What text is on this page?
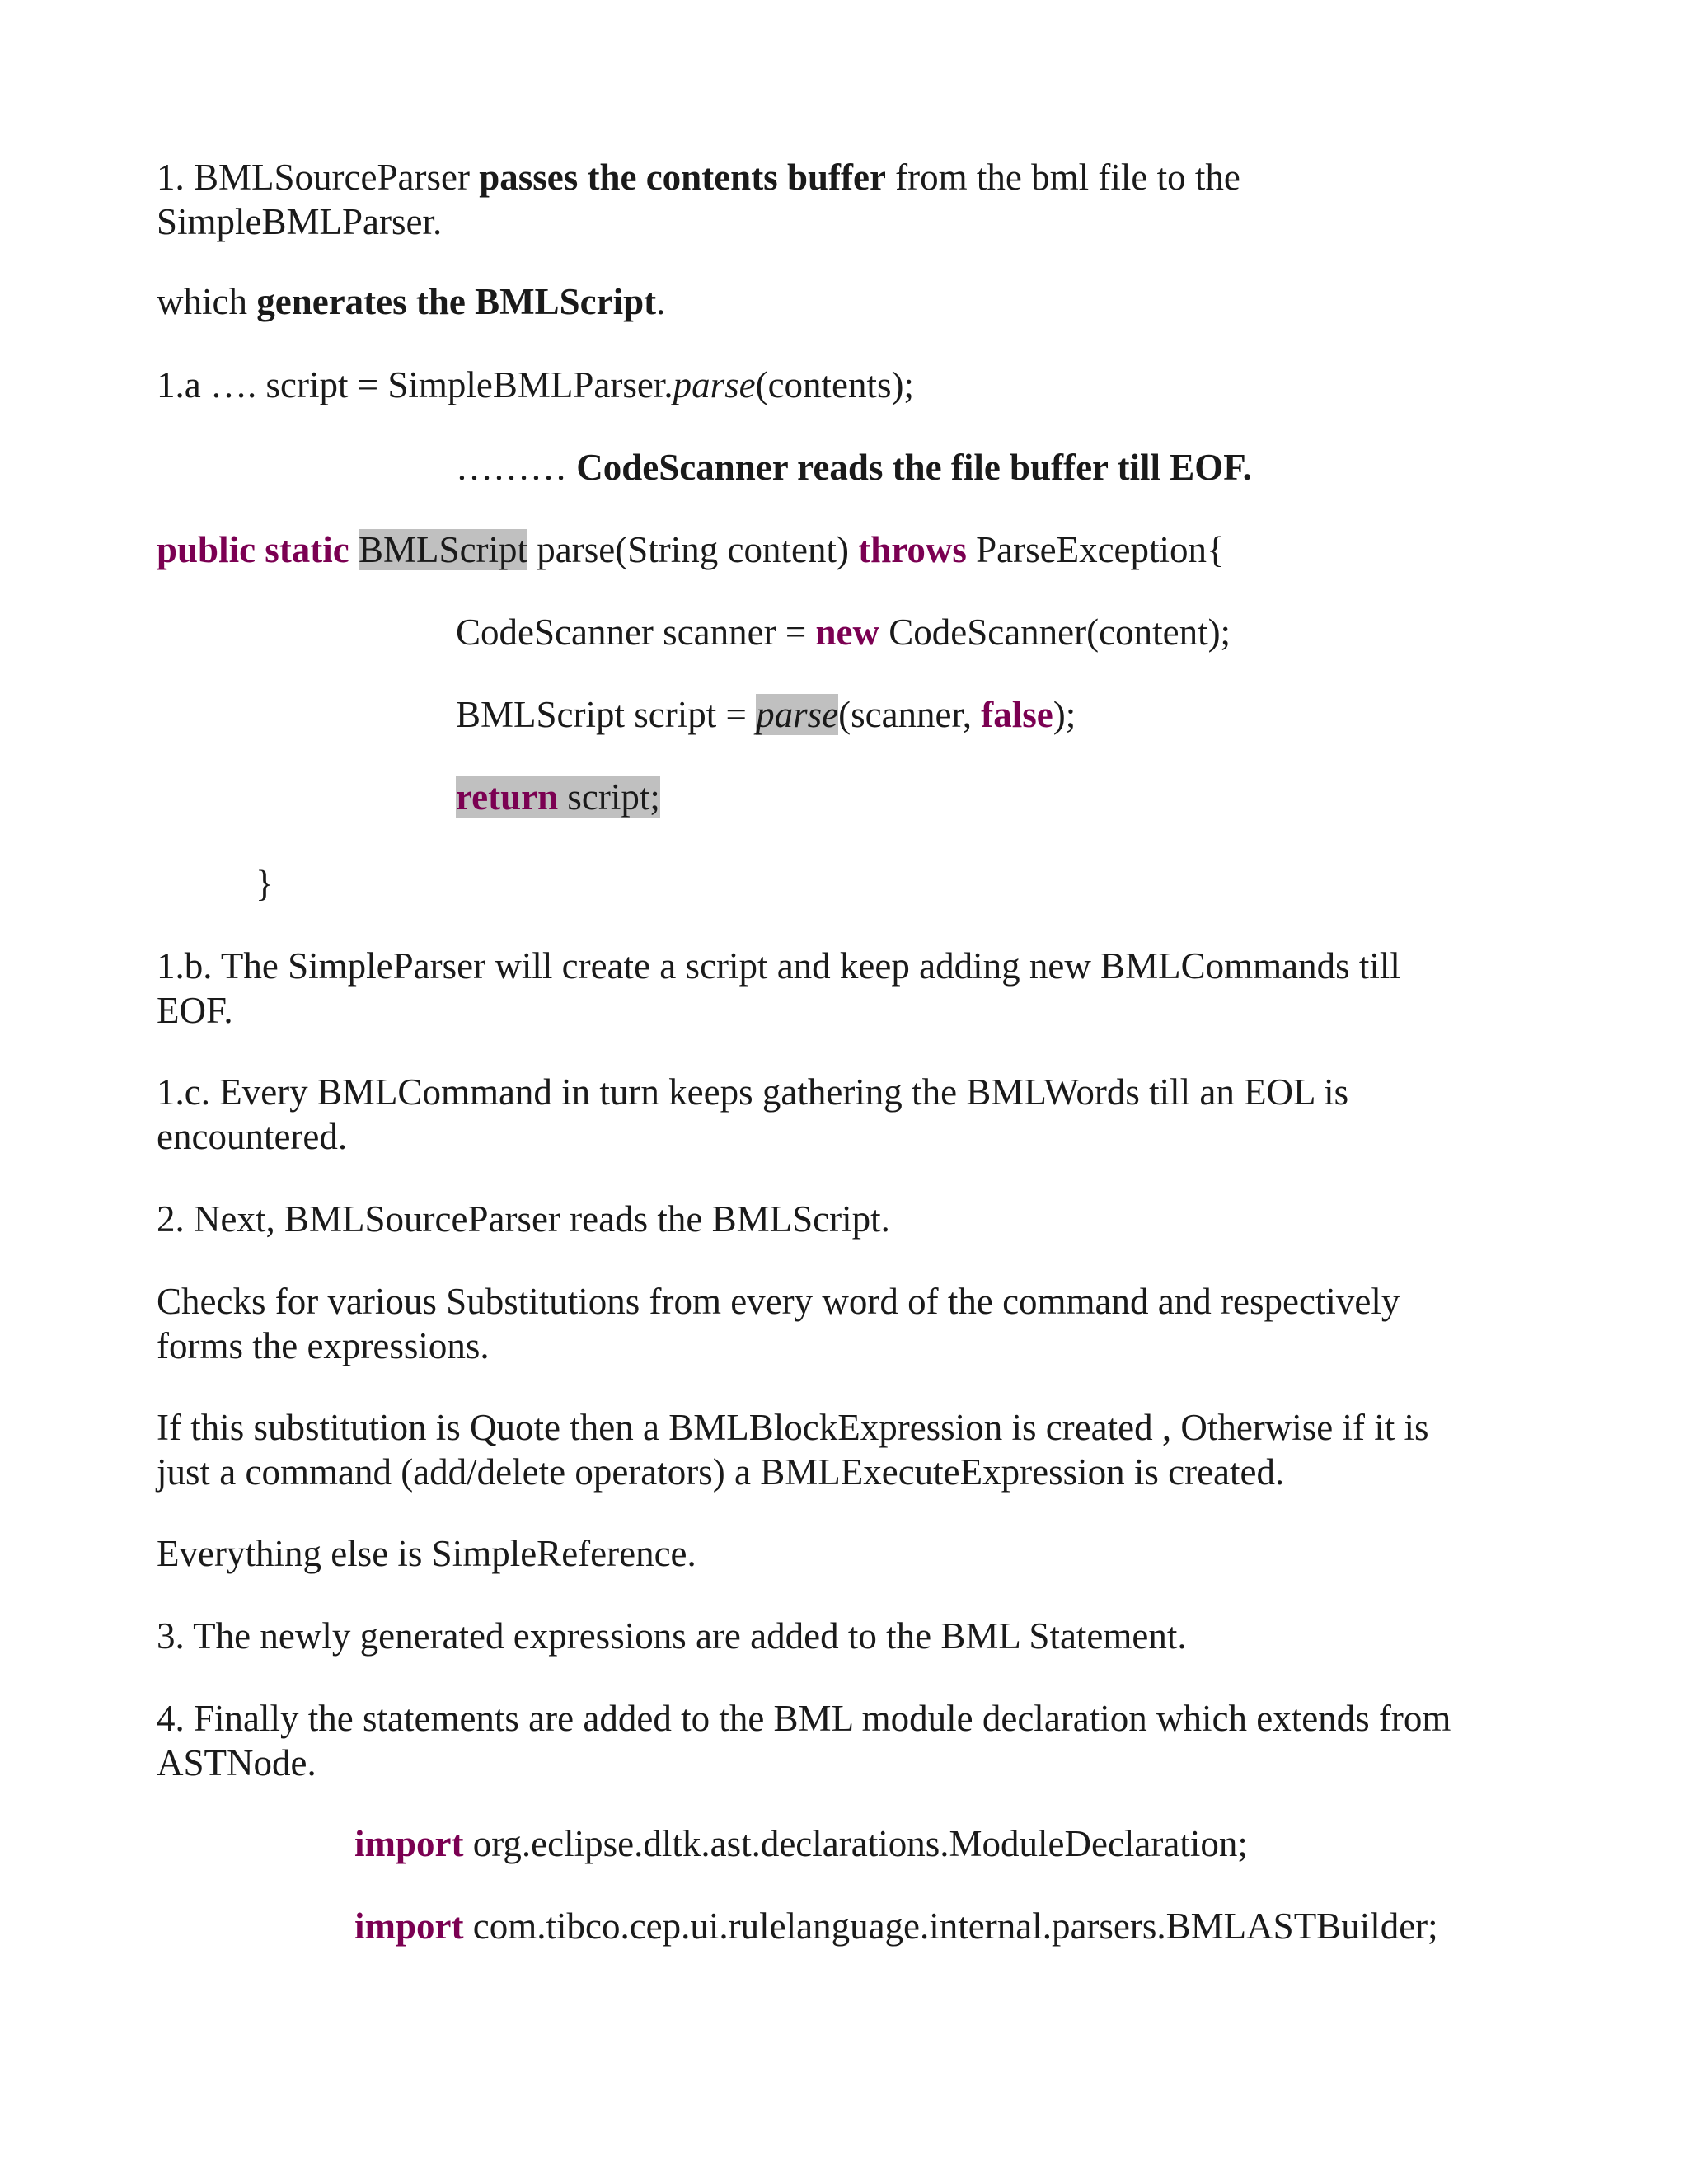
1. BMLSourceParser passes the contents buffer from the bml file to the

SimpleBMLParser.

which generates the BMLScript.

1.a …. script = SimpleBMLParser.parse(contents);

……… CodeScanner reads the file buffer till EOF.

public static BMLScript parse(String content) throws ParseException{

CodeScanner scanner = new CodeScanner(content);

BMLScript script = parse(scanner, false);

return script;

}

1.b. The SimpleParser will create a script and keep adding new BMLCommands till

EOF.

1.c. Every BMLCommand in turn keeps gathering the BMLWords till an EOL is

encountered.

2. Next, BMLSourceParser reads the BMLScript.

Checks for various Substitutions from every word of the command and respectively

forms the expressions.

If this substitution is Quote then a BMLBlockExpression is created , Otherwise if it is

just a command (add/delete operators) a BMLExecuteExpression is created.

Everything else is SimpleReference.

3. The newly generated expressions are added to the BML Statement.

4. Finally the statements are added to the BML module declaration which extends from

ASTNode.

import org.eclipse.dltk.ast.declarations.ModuleDeclaration;

import com.tibco.cep.ui.rulelanguage.internal.parsers.BMLASTBuilder;
